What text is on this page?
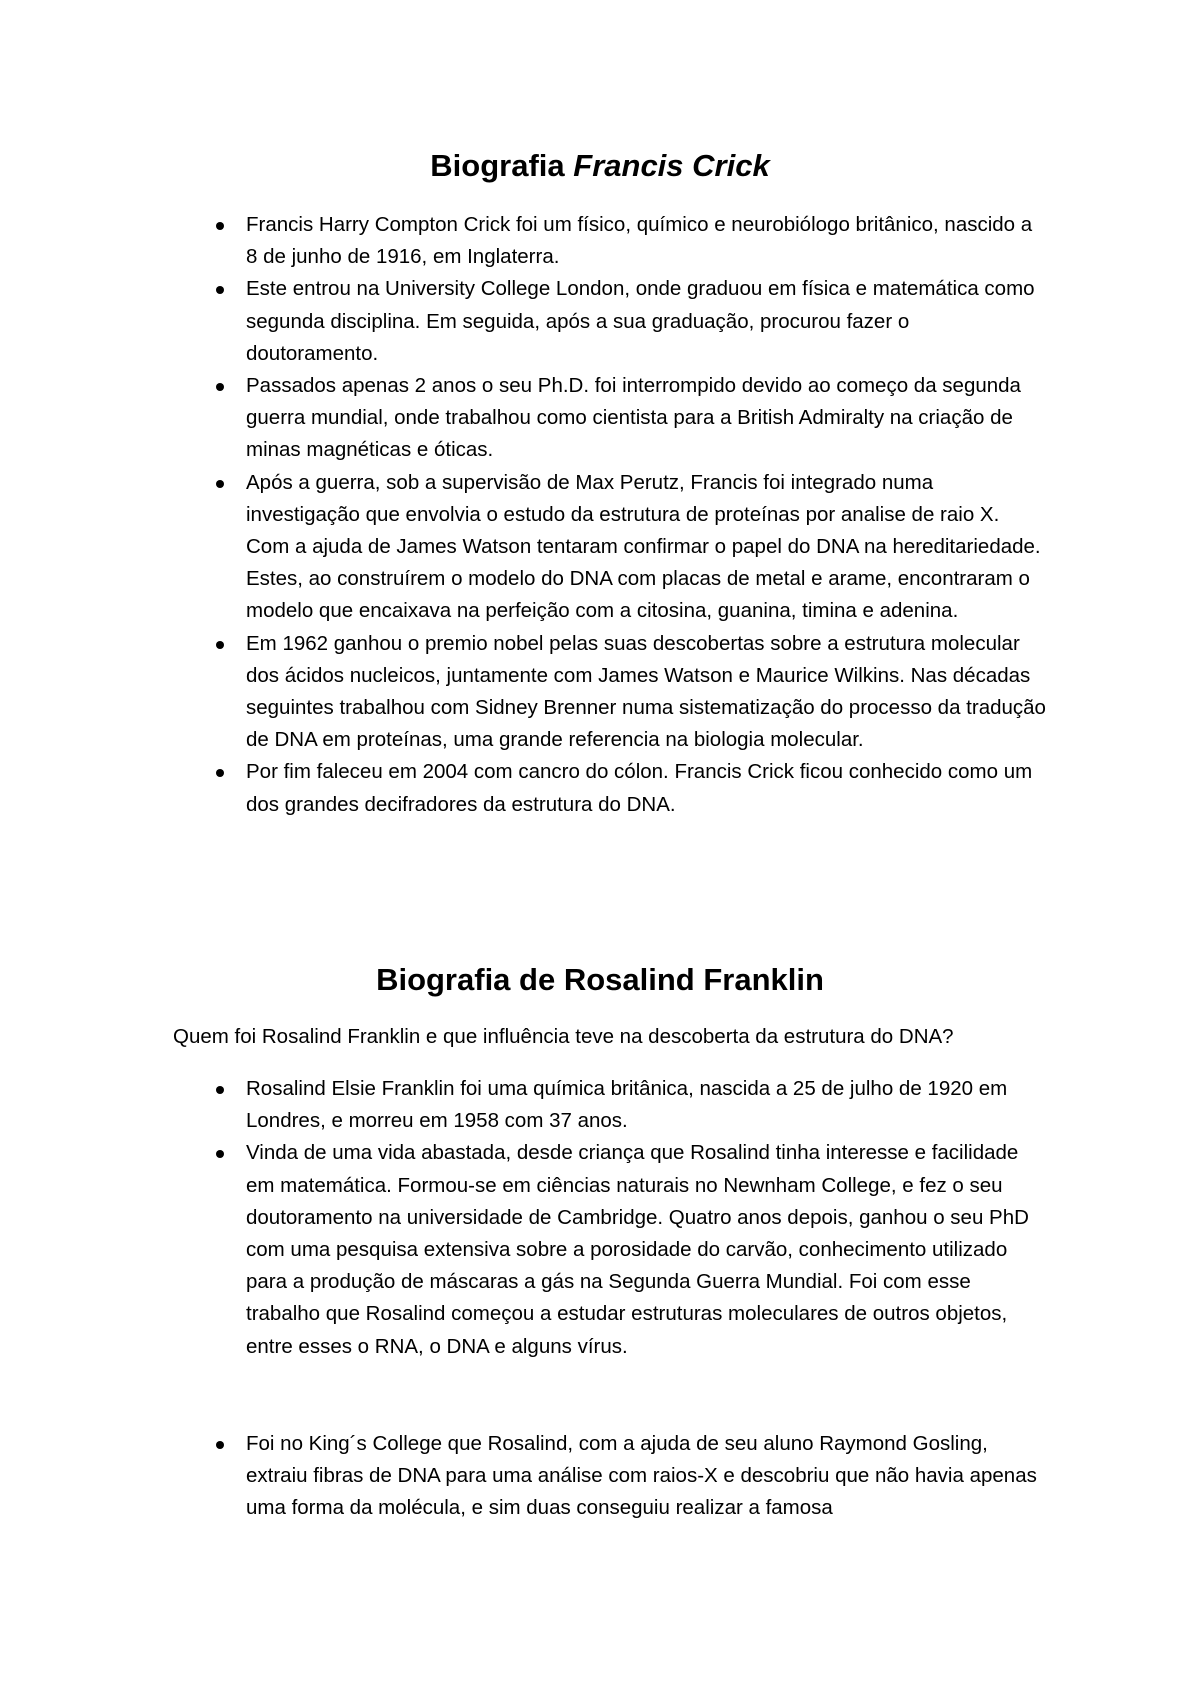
Biografia Francis Crick
Francis Harry Compton Crick foi um físico, químico e neurobiólogo britânico, nascido a 8 de junho de 1916, em Inglaterra.
Este entrou na University College London, onde graduou em física e matemática como segunda disciplina. Em seguida, após a sua graduação, procurou fazer o doutoramento.
Passados apenas 2 anos o seu Ph.D. foi interrompido devido ao começo da segunda guerra mundial, onde trabalhou como cientista para a British Admiralty na criação de minas magnéticas e óticas.
Após a guerra, sob a supervisão de Max Perutz, Francis foi integrado numa investigação que envolvia o estudo da estrutura de proteínas por analise de raio X. Com a ajuda de James Watson tentaram confirmar o papel do DNA na hereditariedade. Estes, ao construírem o modelo do DNA com placas de metal e arame, encontraram o modelo que encaixava na perfeição com a citosina, guanina, timina e adenina.
Em 1962 ganhou o premio nobel pelas suas descobertas sobre a estrutura molecular dos ácidos nucleicos, juntamente com James Watson e Maurice Wilkins. Nas décadas seguintes trabalhou com Sidney Brenner numa sistematização do processo da tradução de DNA em proteínas, uma grande referencia na biologia molecular.
Por fim faleceu em 2004 com cancro do cólon. Francis Crick ficou conhecido como um dos grandes decifradores da estrutura do DNA.
Biografia de Rosalind Franklin

Quem foi Rosalind Franklin e que influência teve na descoberta da estrutura do DNA?

Rosalind Elsie Franklin foi uma química britânica, nascida a 25 de julho de 1920 em Londres, e morreu em 1958 com 37 anos.
Vinda de uma vida abastada, desde criança que Rosalind tinha interesse e facilidade em matemática. Formou-se em ciências naturais no Newnham College, e fez o seu doutoramento na universidade de Cambridge. Quatro anos depois, ganhou o seu PhD com uma pesquisa extensiva sobre a porosidade do carvão, conhecimento utilizado para a produção de máscaras a gás na Segunda Guerra Mundial. Foi com esse trabalho que Rosalind começou a estudar estruturas moleculares de outros objetos, entre esses o RNA, o DNA e alguns vírus.
Foi no King´s College que Rosalind, com a ajuda de seu aluno Raymond Gosling, extraiu fibras de DNA para uma análise com raios-X e descobriu que não havia apenas uma forma da molécula, e sim duas conseguiu realizar a famosa
